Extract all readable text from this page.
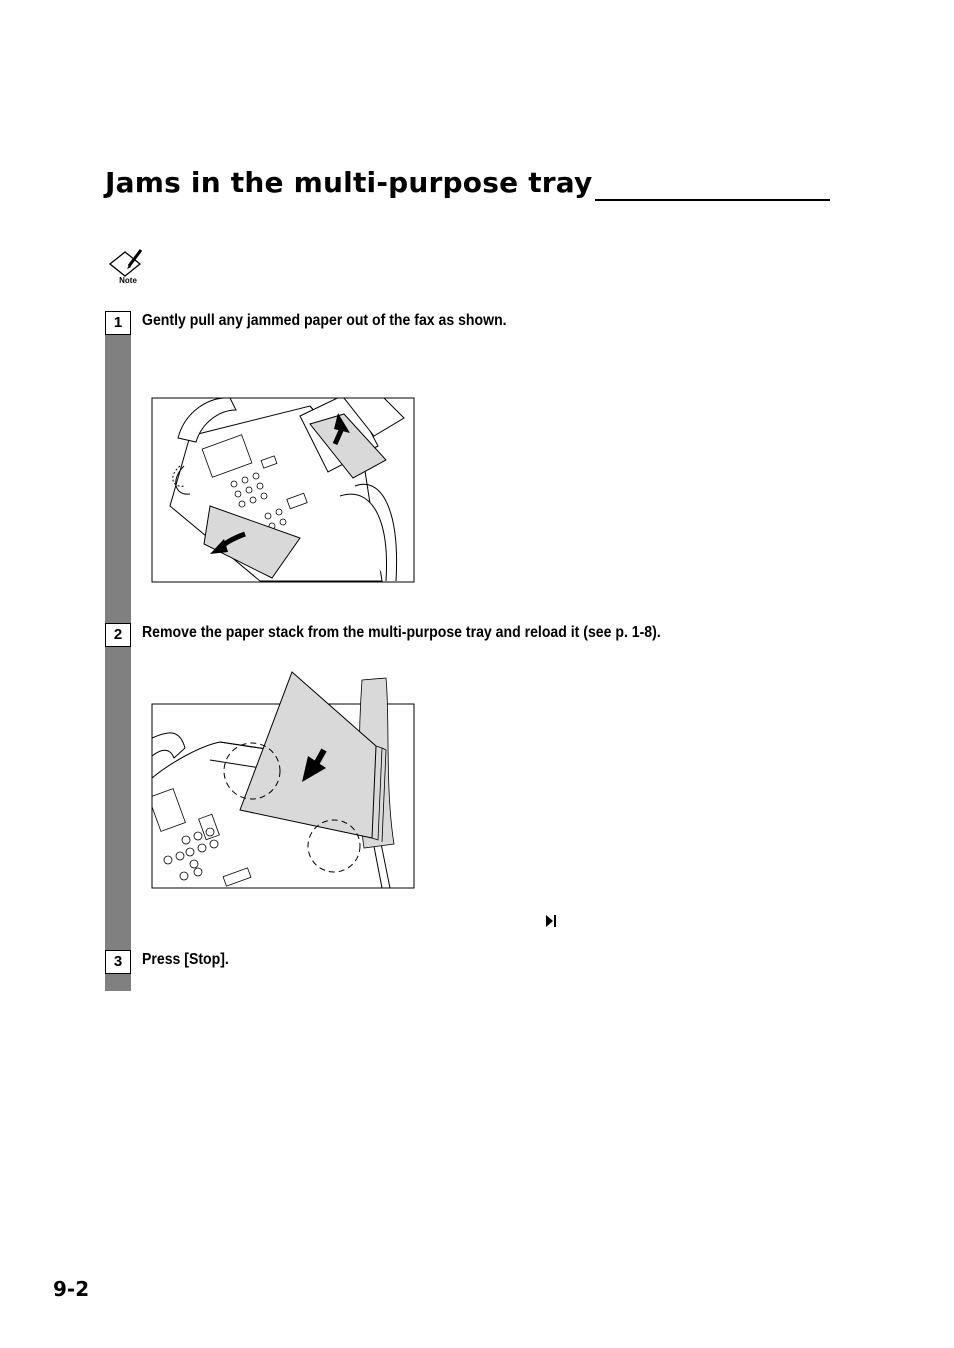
Jams in the multi-purpose tray
Note
1	Gently pull any jammed paper out of the fax as shown.
2	Remove the paper stack from the multi-purpose tray and reload it (see p. 1-8).
3	Press [Stop].
9-2
